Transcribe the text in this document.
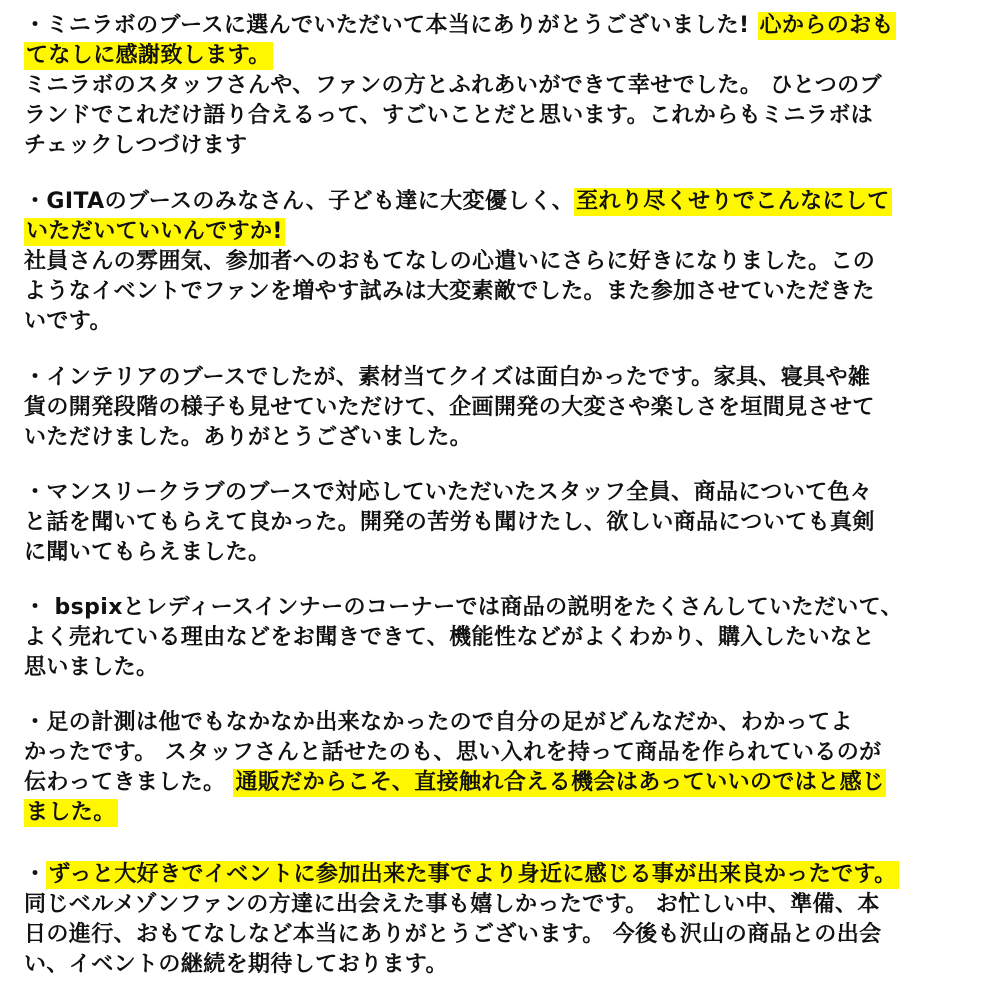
・ミニラボのブースに選んでいただいて本当にありがとうございました! 心からのおも
てなしに感謝致します。
ミニラボのスタッフさんや、ファンの方とふれあいができて幸せでした。 ひとつのブ
ランドでこれだけ語り合えるって、すごいことだと思います。これからもミニラボは
チェックしつづけます
・GITAのブースのみなさん、子ども達に大変優しく、至れり尽くせりでこんなにして
いただいていいんですか!
社員さんの雰囲気、参加者へのおもてなしの心遣いにさらに好きになりました。この
ようなイベントでファンを増やす試みは大変素敵でした。また参加させていただきた
いです。
・インテリアのブースでしたが、素材当てクイズは面白かったです。家具、寝具や雑
貨の開発段階の様子も見せていただけて、企画開発の大変さや楽しさを垣間見させて
いただけました。ありがとうございました。
・マンスリークラブのブースで対応していただいたスタッフ全員、商品について色々
と話を聞いてもらえて良かった。開発の苦労も聞けたし、欲しい商品についても真剣
に聞いてもらえました。
・ bspixとレディースインナーのコーナーでは商品の説明をたくさんしていただいて、
よく売れている理由などをお聞きできて、機能性などがよくわかり、購入したいなと
思いました。
・足の計測は他でもなかなか出来なかったので自分の足がどんなだか、わかってよ
かったです。 スタッフさんと話せたのも、思い入れを持って商品を作られているのが
伝わってきました。 通販だからこそ、直接触れ合える機会はあっていいのではと感じ
ました。
・ずっと大好きでイベントに参加出来た事でより身近に感じる事が出来良かったです。
同じベルメゾンファンの方達に出会えた事も嬉しかったです。 お忙しい中、準備、本
日の進行、おもてなしなど本当にありがとうございます。 今後も沢山の商品との出会
い、イベントの継続を期待しております。
